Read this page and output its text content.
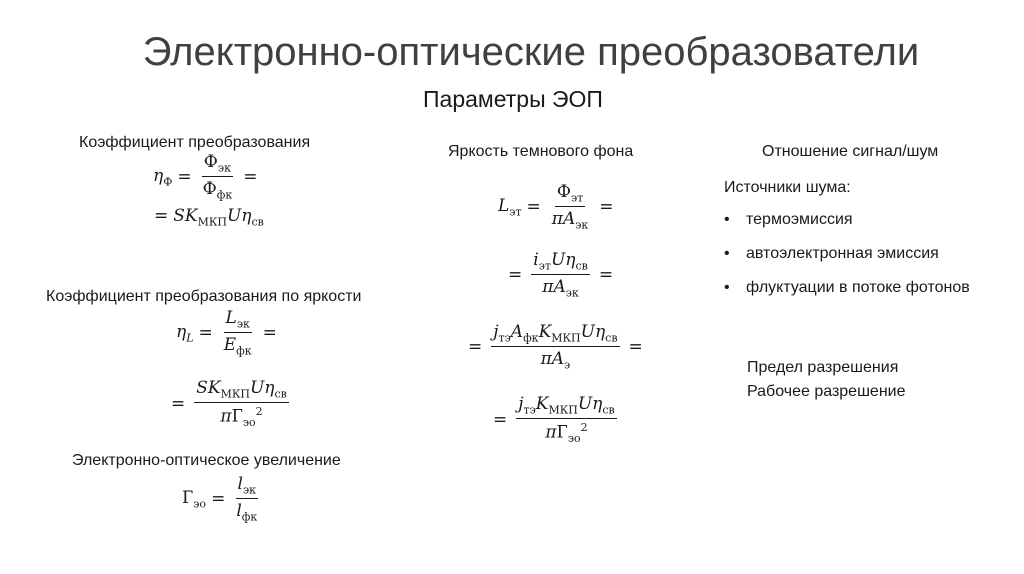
Электронно-оптические преобразователи
Параметры ЭОП
Коэффициент преобразования
$\eta_Ф = \frac{Ф_{эк}}{Ф_{фк}}$ =
= $SK_{МКП}U\eta_{св}$
Коэффициент преобразования по яркости
$\eta_L = \frac{L_{эк}}{E_{фк}}$ =
= $\frac{SK_{МКП}U\eta_{св}}{\pi Г_{эо}^2}$
Электронно-оптическое увеличение
$Г_{эо} = \frac{l_{эк}}{l_{фк}}$
Яркость темнового фона
$L_{эт} = \frac{Ф_{эт}}{\pi A_{эк}}$ =
= $\frac{i_{эт}U\eta_{св}}{\pi A_{эк}}$ =
= $\frac{j_{тэ}A_{фк}K_{МКП}U\eta_{св}}{\pi A_э}$ =
= $\frac{j_{тэ}K_{МКП}U\eta_{св}}{\pi Г_{эо}^2}$
Отношение сигнал/шум
Источники шума:
• термоэмиссия
• автоэлектронная эмиссия
• флуктуации в потоке фотонов
Предел разрешения
Рабочее разрешение
